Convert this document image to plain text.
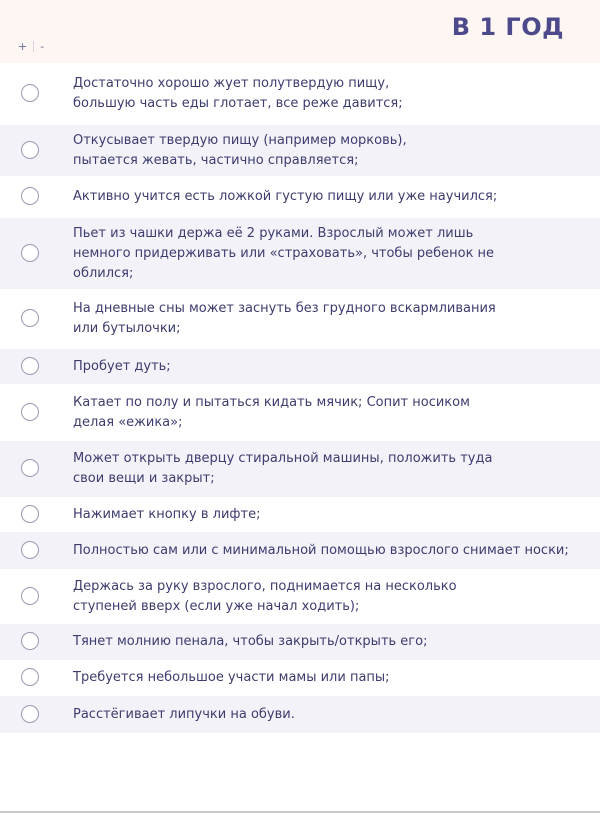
+ -
В 1 ГОД
Достаточно хорошо жует полутвердую пищу,
большую часть еды глотает, все реже давится;
Откусывает твердую пищу (например морковь),
пытается жевать, частично справляется;
Активно учится есть ложкой густую пищу или уже научился;
Пьет из чашки держа её 2 руками. Взрослый может лишь
немного придерживать или «страховать», чтобы ребенок не
облился;
На дневные сны может заснуть без грудного вскармливания
или бутылочки;
Пробует дуть;
Катает по полу и пытаться кидать мячик; Сопит носиком
делая «ежика»;
Может открыть дверцу стиральной машины, положить туда
свои вещи и закрыт;
Нажимает кнопку в лифте;
Полностью сам или с минимальной помощью взрослого снимает носки;
Держась за руку взрослого, поднимается на несколько
ступеней вверх (если уже начал ходить);
Тянет молнию пенала, чтобы закрыть/открыть его;
Требуется небольшое участи мамы или папы;
Расстёгивает липучки на обуви.
